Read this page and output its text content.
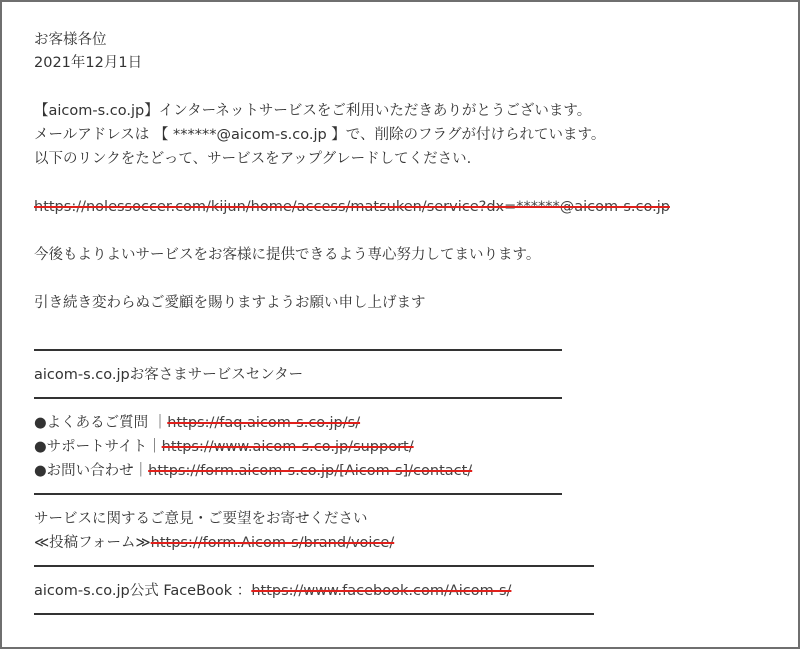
お客様各位
2021年12月1日
【aicom-s.co.jp】インターネットサービスをご利用いただきありがとうございます。
メールアドレスは 【 ******@aicom-s.co.jp 】で、削除のフラグが付けられています。
以下のリンクをたどって、サービスをアップグレードしてください.
https://nolessoccer.com/kijun/home/access/matsuken/service?dx=******@aicom-s.co.jp
今後もよりよいサービスをお客様に提供できるよう専心努力してまいります。
引き続き変わらぬご愛顧を賜りますようお願い申し上げます
aicom-s.co.jpお客さまサービスセンター
●よくあるご質問 ｜https://faq.aicom-s.co.jp/s/
●サポートサイト｜https://www.aicom-s.co.jp/support/
●お問い合わせ｜https://form.aicom-s.co.jp/[Aicom-s]/contact/
サービスに関するご意見・ご要望をお寄せください
≪投稿フォーム≫https://form.Aicom-s/brand/voice/
aicom-s.co.jp公式 FaceBook ：https://www.facebook.com/Aicom-s/
